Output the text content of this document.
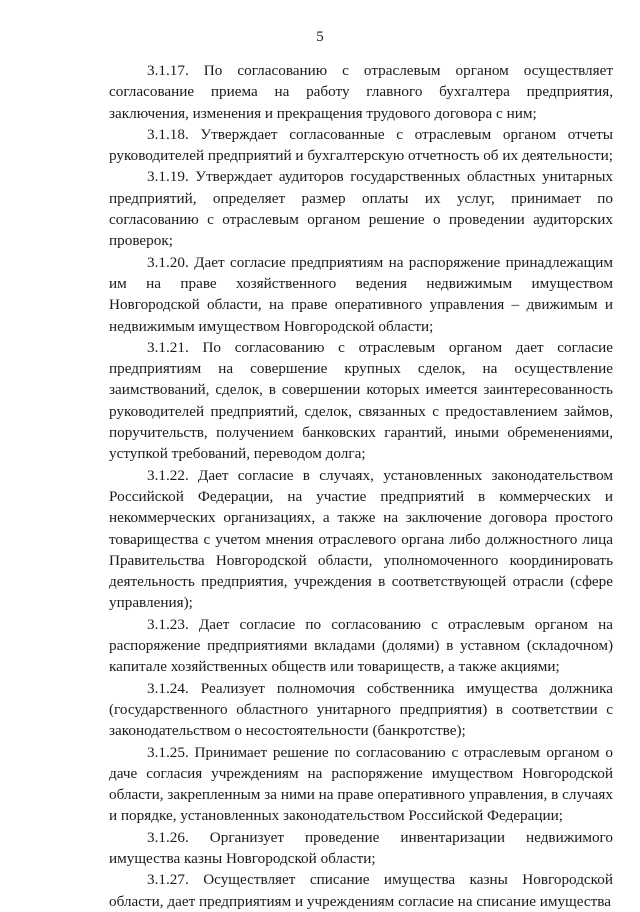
5

3.1.17. По согласованию с отраслевым органом осуществляет согласование приема на работу главного бухгалтера предприятия, заключения, изменения и прекращения трудового договора с ним;

3.1.18. Утверждает согласованные с отраслевым органом отчеты руководителей предприятий и бухгалтерскую отчетность об их деятельности;

3.1.19. Утверждает аудиторов государственных областных унитарных предприятий, определяет размер оплаты их услуг, принимает по согласованию с отраслевым органом решение о проведении аудиторских проверок;

3.1.20. Дает согласие предприятиям на распоряжение принадлежащим им на праве хозяйственного ведения недвижимым имуществом Новгородской области, на праве оперативного управления – движимым и недвижимым имуществом Новгородской области;

3.1.21. По согласованию с отраслевым органом дает согласие предприятиям на совершение крупных сделок, на осуществление заимствований, сделок, в совершении которых имеется заинтересованность руководителей предприятий, сделок, связанных с предоставлением займов, поручительств, получением банковских гарантий, иными обременениями, уступкой требований, переводом долга;

3.1.22. Дает согласие в случаях, установленных законодательством Российской Федерации, на участие предприятий в коммерческих и некоммерческих организациях, а также на заключение договора простого товарищества с учетом мнения отраслевого органа либо должностного лица Правительства Новгородской области, уполномоченного координировать деятельность предприятия, учреждения в соответствующей отрасли (сфере управления);

3.1.23. Дает согласие по согласованию с отраслевым органом на распоряжение предприятиями вкладами (долями) в уставном (складочном) капитале хозяйственных обществ или товариществ, а также акциями;

3.1.24. Реализует полномочия собственника имущества должника (государственного областного унитарного предприятия) в соответствии с законодательством о несостоятельности (банкротстве);

3.1.25. Принимает решение по согласованию с отраслевым органом о даче согласия учреждениям на распоряжение имуществом Новгородской области, закрепленным за ними на праве оперативного управления, в случаях и порядке, установленных законодательством Российской Федерации;

3.1.26. Организует проведение инвентаризации недвижимого имущества казны Новгородской области;

3.1.27. Осуществляет списание имущества казны Новгородской области, дает предприятиям и учреждениям согласие на списание имущества
